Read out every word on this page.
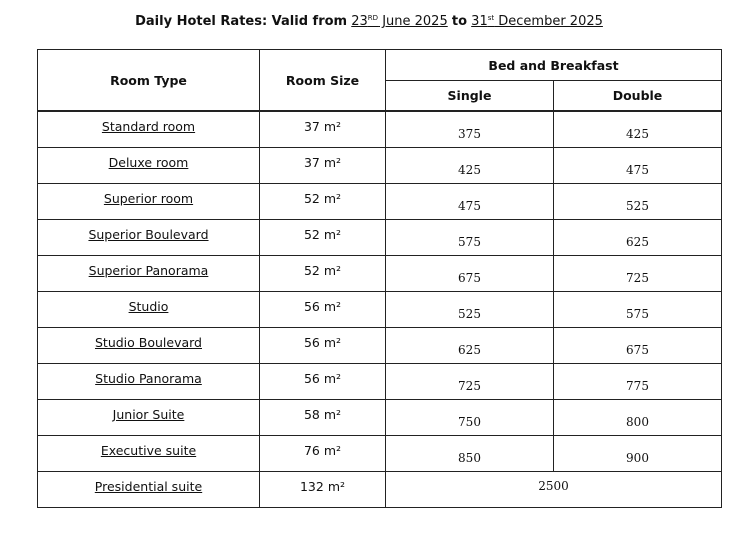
Daily Hotel Rates: Valid from 23RD June 2025 to 31st December 2025
Room Type	Room Size	Bed and Breakfast	
		Single	Double
Standard room	37 m²	375	425
Deluxe room	37 m²	425	475
Superior room	52 m²	475	525
Superior Boulevard	52 m²	575	625
Superior Panorama	52 m²	675	725
Studio	56 m²	525	575
Studio Boulevard	56 m²	625	675
Studio Panorama	56 m²	725	775
Junior Suite	58 m²	750	800
Executive suite	76 m²	850	900
Presidential suite	132 m²	2500	
